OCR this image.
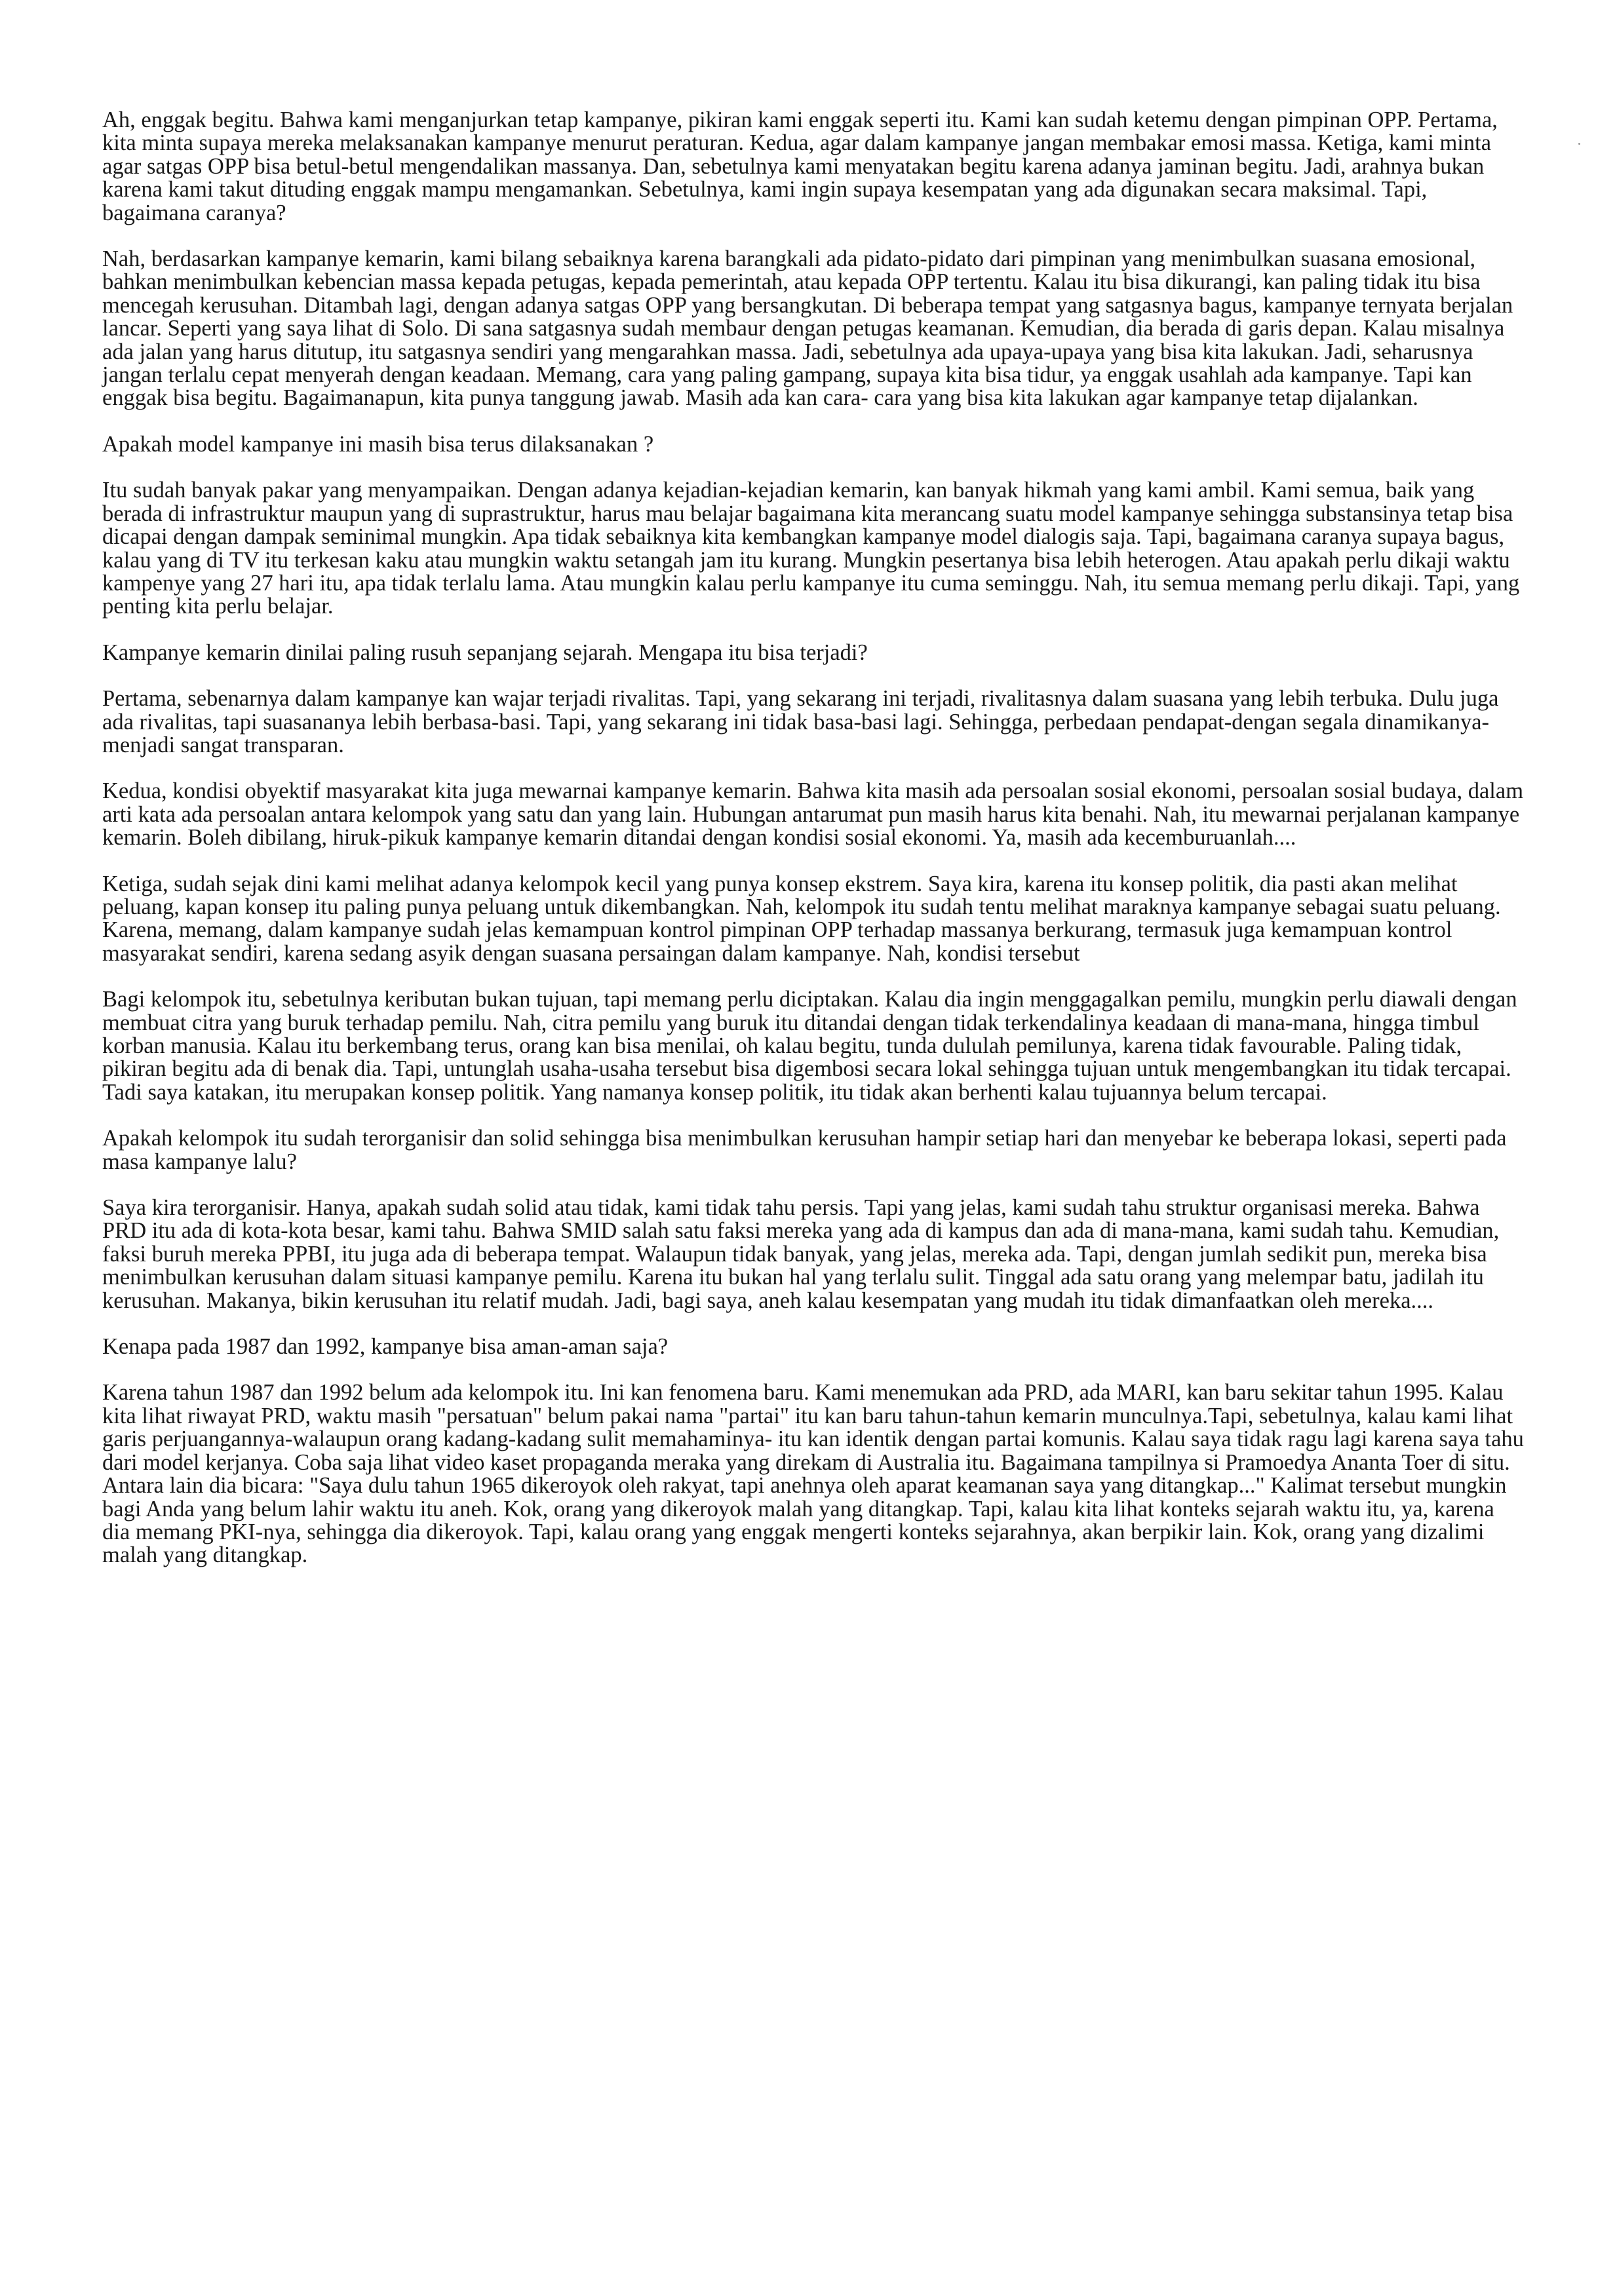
Ah, enggak begitu. Bahwa kami menganjurkan tetap kampanye, pikiran kami enggak seperti itu. Kami kan sudah ketemu dengan pimpinan OPP. Pertama, kita minta supaya mereka melaksanakan kampanye menurut peraturan. Kedua, agar dalam kampanye jangan membakar emosi massa. Ketiga, kami minta agar satgas OPP bisa betul-betul mengendalikan massanya. Dan, sebetulnya kami menyatakan begitu karena adanya jaminan begitu. Jadi, arahnya bukan karena kami takut dituding enggak mampu mengamankan. Sebetulnya, kami ingin supaya kesempatan yang ada digunakan secara maksimal. Tapi, bagaimana caranya?

Nah, berdasarkan kampanye kemarin, kami bilang sebaiknya karena barangkali ada pidato-pidato dari pimpinan yang menimbulkan suasana emosional, bahkan menimbulkan kebencian massa kepada petugas, kepada pemerintah, atau kepada OPP tertentu. Kalau itu bisa dikurangi, kan paling tidak itu bisa mencegah kerusuhan. Ditambah lagi, dengan adanya satgas OPP yang bersangkutan. Di beberapa tempat yang satgasnya bagus, kampanye ternyata berjalan lancar. Seperti yang saya lihat di Solo. Di sana satgasnya sudah membaur dengan petugas keamanan. Kemudian, dia berada di garis depan. Kalau misalnya ada jalan yang harus ditutup, itu satgasnya sendiri yang mengarahkan massa. Jadi, sebetulnya ada upaya-upaya yang bisa kita lakukan. Jadi, seharusnya jangan terlalu cepat menyerah dengan keadaan. Memang, cara yang paling gampang, supaya kita bisa tidur, ya enggak usahlah ada kampanye. Tapi kan enggak bisa begitu. Bagaimanapun, kita punya tanggung jawab. Masih ada kan cara- cara yang bisa kita lakukan agar kampanye tetap dijalankan.

Apakah model kampanye ini masih bisa terus dilaksanakan ?

Itu sudah banyak pakar yang menyampaikan. Dengan adanya kejadian-kejadian kemarin, kan banyak hikmah yang kami ambil. Kami semua, baik yang berada di infrastruktur maupun yang di suprastruktur, harus mau belajar bagaimana kita merancang suatu model kampanye sehingga substansinya tetap bisa dicapai dengan dampak seminimal mungkin. Apa tidak sebaiknya kita kembangkan kampanye model dialogis saja. Tapi, bagaimana caranya supaya bagus, kalau yang di TV itu terkesan kaku atau mungkin waktu setangah jam itu kurang. Mungkin pesertanya bisa lebih heterogen. Atau apakah perlu dikaji waktu kampenye yang 27 hari itu, apa tidak terlalu lama. Atau mungkin kalau perlu kampanye itu cuma seminggu. Nah, itu semua memang perlu dikaji. Tapi, yang penting kita perlu belajar.

Kampanye kemarin dinilai paling rusuh sepanjang sejarah. Mengapa itu bisa terjadi?

Pertama, sebenarnya dalam kampanye kan wajar terjadi rivalitas. Tapi, yang sekarang ini terjadi, rivalitasnya dalam suasana yang lebih terbuka. Dulu juga ada rivalitas, tapi suasananya lebih berbasa-basi. Tapi, yang sekarang ini tidak basa-basi lagi. Sehingga, perbedaan pendapat-dengan segala dinamikanya-menjadi sangat transparan.

Kedua, kondisi obyektif masyarakat kita juga mewarnai kampanye kemarin. Bahwa kita masih ada persoalan sosial ekonomi, persoalan sosial budaya, dalam arti kata ada persoalan antara kelompok yang satu dan yang lain. Hubungan antarumat pun masih harus kita benahi. Nah, itu mewarnai perjalanan kampanye kemarin. Boleh dibilang, hiruk-pikuk kampanye kemarin ditandai dengan kondisi sosial ekonomi. Ya, masih ada kecemburuanlah....

Ketiga, sudah sejak dini kami melihat adanya kelompok kecil yang punya konsep ekstrem. Saya kira, karena itu konsep politik, dia pasti akan melihat peluang, kapan konsep itu paling punya peluang untuk dikembangkan. Nah, kelompok itu sudah tentu melihat maraknya kampanye sebagai suatu peluang. Karena, memang, dalam kampanye sudah jelas kemampuan kontrol pimpinan OPP terhadap massanya berkurang, termasuk juga kemampuan kontrol masyarakat sendiri, karena sedang asyik dengan suasana persaingan dalam kampanye. Nah, kondisi tersebut

Bagi kelompok itu, sebetulnya keributan bukan tujuan, tapi memang perlu diciptakan. Kalau dia ingin menggagalkan pemilu, mungkin perlu diawali dengan membuat citra yang buruk terhadap pemilu. Nah, citra pemilu yang buruk itu ditandai dengan tidak terkendalinya keadaan di mana-mana, hingga timbul korban manusia. Kalau itu berkembang terus, orang kan bisa menilai, oh kalau begitu, tunda dululah pemilunya, karena tidak favourable. Paling tidak, pikiran begitu ada di benak dia. Tapi, untunglah usaha-usaha tersebut bisa digembosi secara lokal sehingga tujuan untuk mengembangkan itu tidak tercapai. Tadi saya katakan, itu merupakan konsep politik. Yang namanya konsep politik, itu tidak akan berhenti kalau tujuannya belum tercapai.

Apakah kelompok itu sudah terorganisir dan solid sehingga bisa menimbulkan kerusuhan hampir setiap hari dan menyebar ke beberapa lokasi, seperti pada masa kampanye lalu?

Saya kira terorganisir. Hanya, apakah sudah solid atau tidak, kami tidak tahu persis. Tapi yang jelas, kami sudah tahu struktur organisasi mereka. Bahwa PRD itu ada di kota-kota besar, kami tahu. Bahwa SMID salah satu faksi mereka yang ada di kampus dan ada di mana-mana, kami sudah tahu. Kemudian, faksi buruh mereka PPBI, itu juga ada di beberapa tempat. Walaupun tidak banyak, yang jelas, mereka ada. Tapi, dengan jumlah sedikit pun, mereka bisa menimbulkan kerusuhan dalam situasi kampanye pemilu. Karena itu bukan hal yang terlalu sulit. Tinggal ada satu orang yang melempar batu, jadilah itu kerusuhan. Makanya, bikin kerusuhan itu relatif mudah. Jadi, bagi saya, aneh kalau kesempatan yang mudah itu tidak dimanfaatkan oleh mereka....

Kenapa pada 1987 dan 1992, kampanye bisa aman-aman saja?

Karena tahun 1987 dan 1992 belum ada kelompok itu. Ini kan fenomena baru. Kami menemukan ada PRD, ada MARI, kan baru sekitar tahun 1995. Kalau kita lihat riwayat PRD, waktu masih "persatuan" belum pakai nama "partai" itu kan baru tahun-tahun kemarin munculnya.Tapi, sebetulnya, kalau kami lihat garis perjuangannya-walaupun orang kadang-kadang sulit memahaminya- itu kan identik dengan partai komunis. Kalau saya tidak ragu lagi karena saya tahu dari model kerjanya. Coba saja lihat video kaset propaganda meraka yang direkam di Australia itu. Bagaimana tampilnya si Pramoedya Ananta Toer di situ. Antara lain dia bicara: "Saya dulu tahun 1965 dikeroyok oleh rakyat, tapi anehnya oleh aparat keamanan saya yang ditangkap..." Kalimat tersebut mungkin bagi Anda yang belum lahir waktu itu aneh. Kok, orang yang dikeroyok malah yang ditangkap. Tapi, kalau kita lihat konteks sejarah waktu itu, ya, karena dia memang PKI-nya, sehingga dia dikeroyok. Tapi, kalau orang yang enggak mengerti konteks sejarahnya, akan berpikir lain. Kok, orang yang dizalimi malah yang ditangkap.
